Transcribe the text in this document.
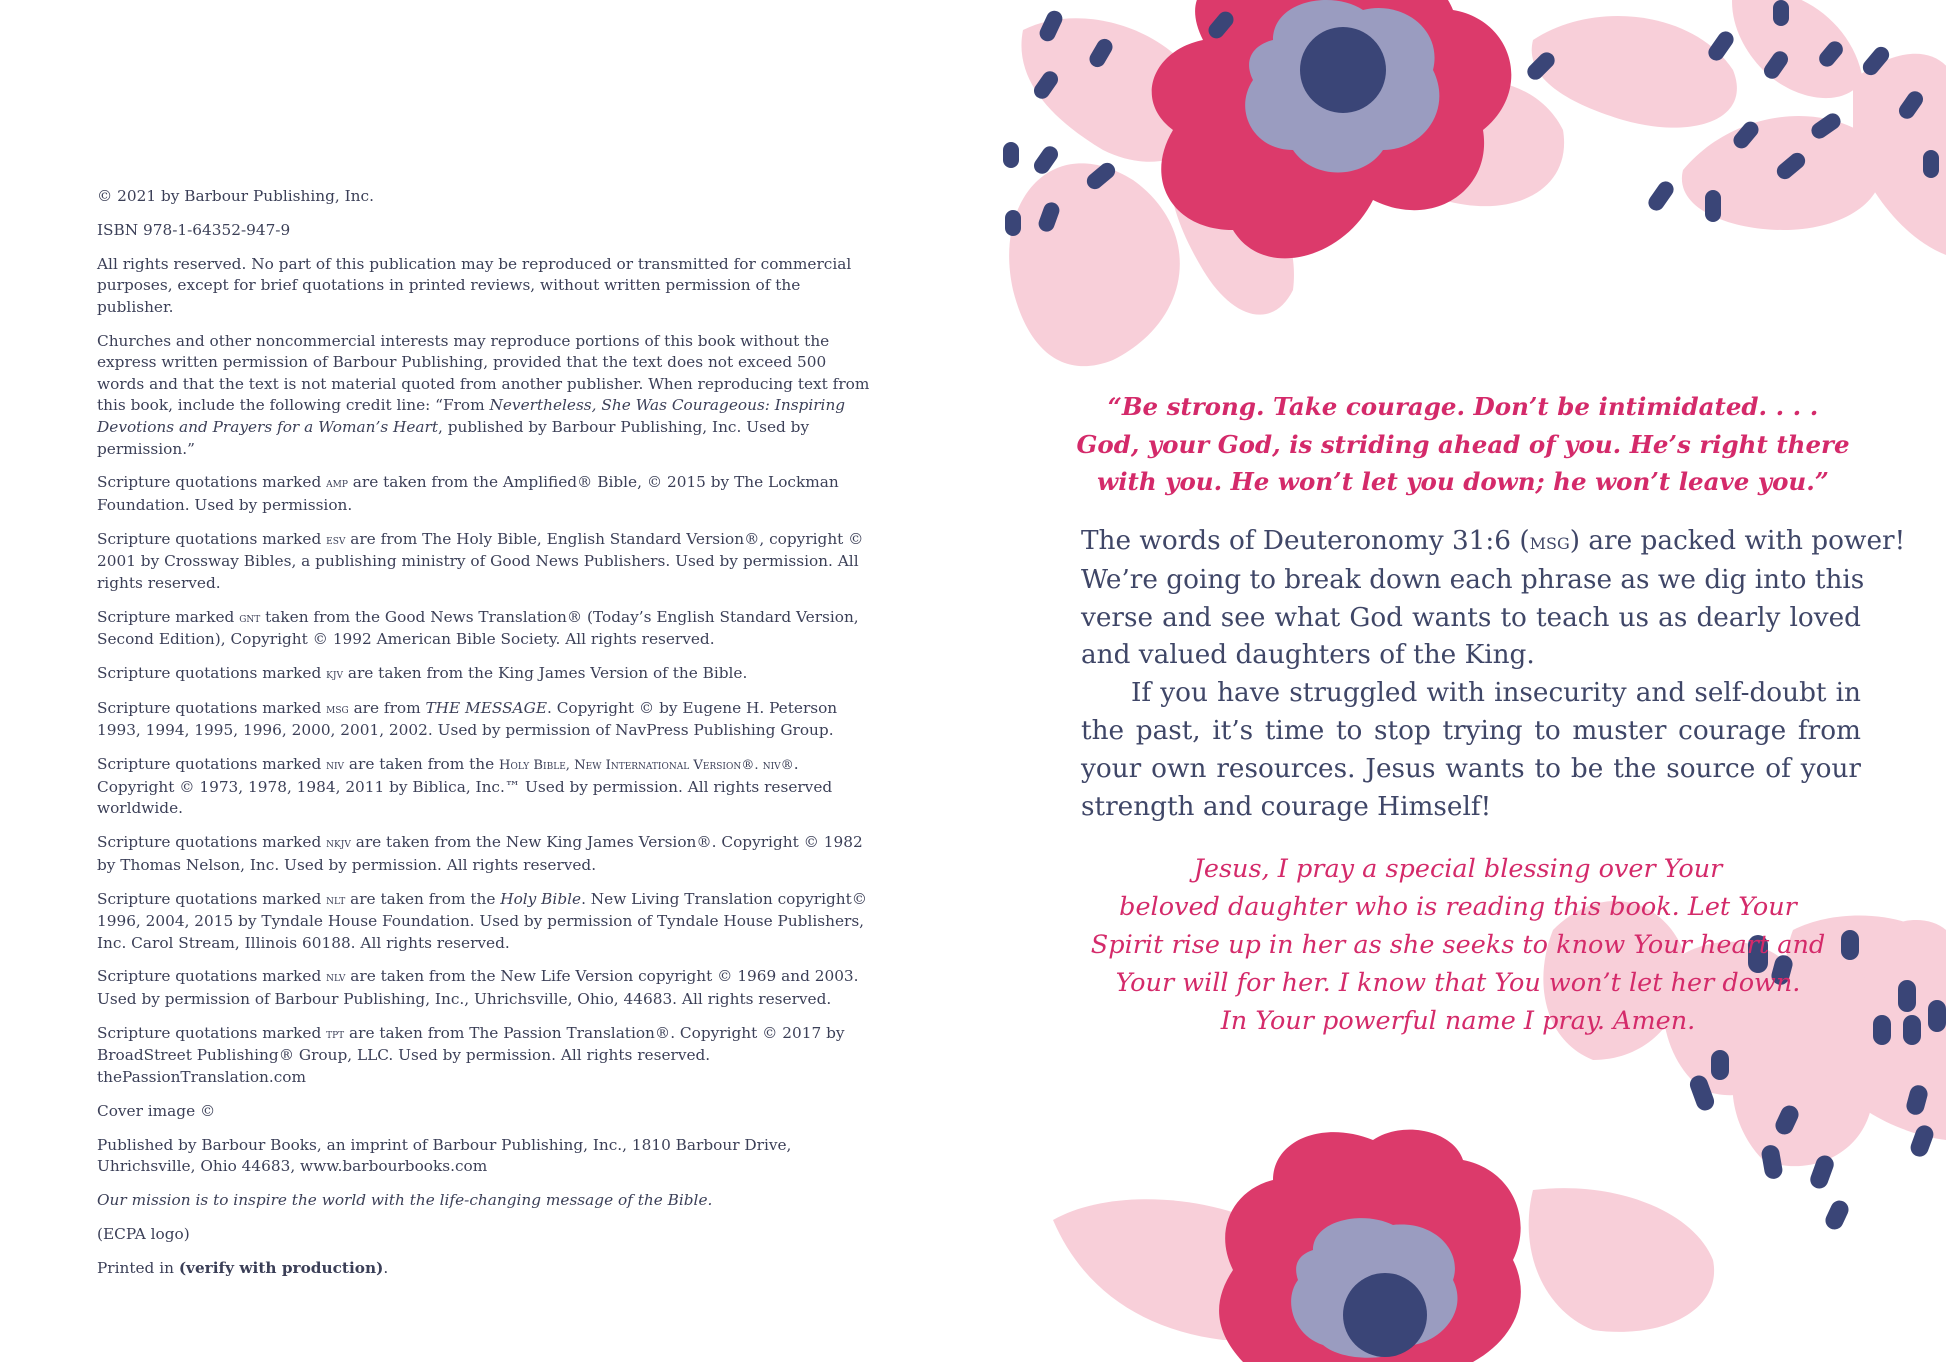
© 2021 by Barbour Publishing, Inc.

ISBN 978-1-64352-947-9

All rights reserved. No part of this publication may be reproduced or transmitted for commercial purposes, except for brief quotations in printed reviews, without written permission of the publisher.

Churches and other noncommercial interests may reproduce portions of this book without the express written permission of Barbour Publishing, provided that the text does not exceed 500 words and that the text is not material quoted from another publisher. When reproducing text from this book, include the following credit line: “From Nevertheless, She Was Courageous: Inspiring Devotions and Prayers for a Woman’s Heart, published by Barbour Publishing, Inc. Used by permission.”

Scripture quotations marked amp are taken from the Amplified® Bible, © 2015 by The Lockman Foundation. Used by permission.

Scripture quotations marked esv are from The Holy Bible, English Standard Version®, copyright © 2001 by Crossway Bibles, a publishing ministry of Good News Publishers. Used by permission. All rights reserved.

Scripture marked gnt taken from the Good News Translation® (Today’s English Standard Version, Second Edition), Copyright © 1992 American Bible Society. All rights reserved.

Scripture quotations marked kjv are taken from the King James Version of the Bible.

Scripture quotations marked msg are from THE MESSAGE. Copyright © by Eugene H. Peterson 1993, 1994, 1995, 1996, 2000, 2001, 2002. Used by permission of NavPress Publishing Group.

Scripture quotations marked niv are taken from the Holy Bible, New International Version®. niv®. Copyright © 1973, 1978, 1984, 2011 by Biblica, Inc.™ Used by permission. All rights reserved worldwide.

Scripture quotations marked nkjv are taken from the New King James Version®. Copyright © 1982 by Thomas Nelson, Inc. Used by permission. All rights reserved.

Scripture quotations marked nlt are taken from the Holy Bible. New Living Translation copyright© 1996, 2004, 2015 by Tyndale House Foundation. Used by permission of Tyndale House Publishers, Inc. Carol Stream, Illinois 60188. All rights reserved.

Scripture quotations marked nlv are taken from the New Life Version copyright © 1969 and 2003. Used by permission of Barbour Publishing, Inc., Uhrichsville, Ohio, 44683. All rights reserved.

Scripture quotations marked tpt are taken from The Passion Translation®. Copyright © 2017 by BroadStreet Publishing® Group, LLC. Used by permission. All rights reserved. thePassionTranslation.com

Cover image ©

Published by Barbour Books, an imprint of Barbour Publishing, Inc., 1810 Barbour Drive, Uhrichsville, Ohio 44683, www.barbourbooks.com

Our mission is to inspire the world with the life-changing message of the Bible.

(ECPA logo)

Printed in (verify with production).

“Be strong. Take courage. Don’t be intimidated. . . .
God, your God, is striding ahead of you. He’s right there
with you. He won’t let you down; he won’t leave you.”
The words of Deuteronomy 31:6 (msg) are packed with power!
We’re going to break down each phrase as we dig into this
verse and see what God wants to teach us as dearly loved
and valued daughters of the King.
If you have struggled with insecurity and self-doubt in
the past, it’s time to stop trying to muster courage from
your own resources. Jesus wants to be the source of your
strength and courage Himself!
Jesus, I pray a special blessing over Your
beloved daughter who is reading this book. Let Your
Spirit rise up in her as she seeks to know Your heart and
Your will for her. I know that You won’t let her down.
In Your powerful name I pray. Amen.
